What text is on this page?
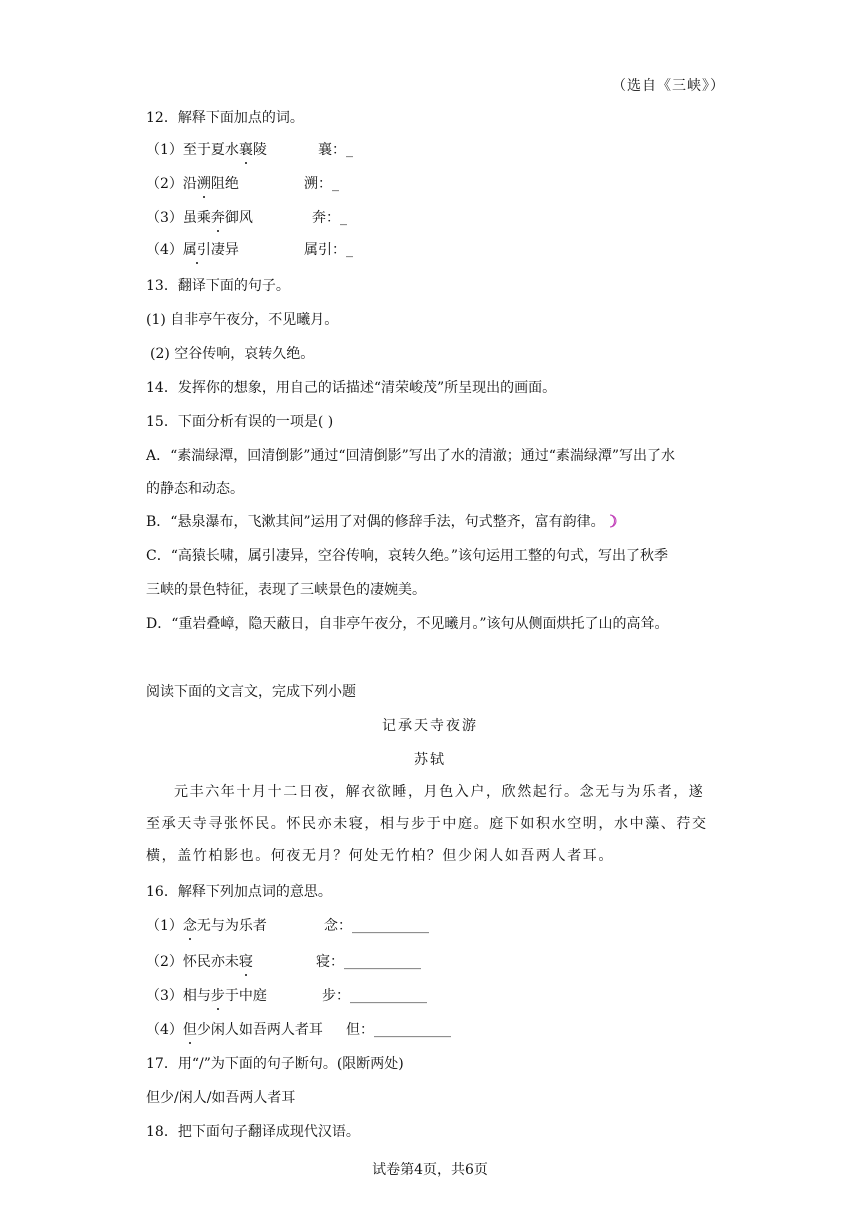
（选自《三峡》）
12．解释下面加点的词。
（1）至于夏水襄陵	襄：_
（2）沿溯阻绝	溯：_
（3）虽乘奔御风	奔：_
（4）属引凄异	属引：_
13．翻译下面的句子。
(1) 自非亭午夜分，不见曦月。
(2) 空谷传响，哀转久绝。
14．发挥你的想象，用自己的话描述“清荣峻茂”所呈现出的画面。
15．下面分析有误的一项是( )
A．“素湍绿潭，回清倒影”通过“回清倒影”写出了水的清澈；通过“素湍绿潭”写出了水
的静态和动态。
B．“悬泉瀑布，飞漱其间”运用了对偶的修辞手法，句式整齐，富有韵律。
C．“高猿长啸，属引凄异，空谷传响，哀转久绝。”该句运用工整的句式，写出了秋季
三峡的景色特征，表现了三峡景色的凄婉美。
D．“重岩叠嶂，隐天蔽日，自非亭午夜分，不见曦月。”该句从侧面烘托了山的高耸。
阅读下面的文言文，完成下列小题
记承天寺夜游
苏轼
元丰六年十月十二日夜，解衣欲睡，月色入户，欣然起行。念无与为乐者，遂至承天寺寻张怀民。怀民亦未寝，相与步于中庭。庭下如积水空明，水中藻、荇交横，盖竹柏影也。何夜无月？何处无竹柏？但少闲人如吾两人者耳。
16．解释下列加点词的意思。
（1）念无与为乐者	念：___________
（2）怀民亦未寝	寝：___________
（3）相与步于中庭	步：___________
（4）但少闲人如吾两人者耳 但：___________
17．用“/”为下面的句子断句。(限断两处)
但少/闲人/如吾两人者耳
18．把下面句子翻译成现代汉语。
试卷第4页，共6页
